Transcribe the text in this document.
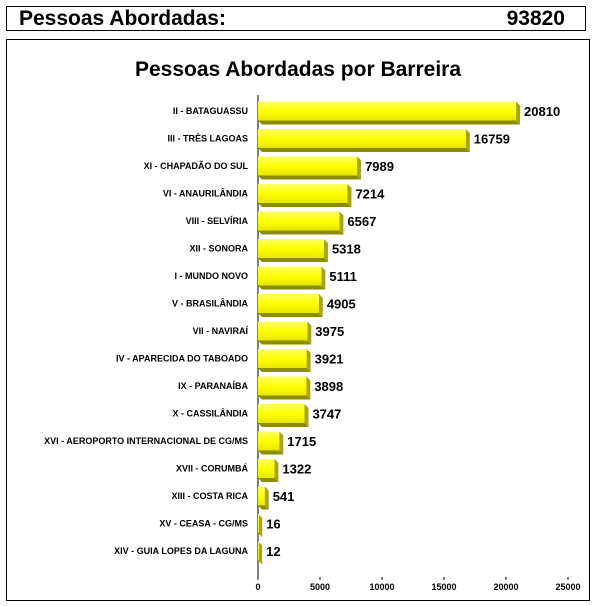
Pessoas Abordadas:	93820
Pessoas Abordadas por Barreira
II - BATAGUASSU	20810
III - TRÊS LAGOAS	16759
XI - CHAPADÃO DO SUL	7989
VI - ANAURILÂNDIA	7214
VIII - SELVÍRIA	6567
XII - SONORA	5318
I - MUNDO NOVO	5111
V - BRASILÂNDIA	4905
VII - NAVIRAÍ	3975
IV - APARECIDA DO TABOADO	3921
IX - PARANAÍBA	3898
X - CASSILÂNDIA	3747
XVI - AEROPORTO INTERNACIONAL DE CG/MS	1715
XVII - CORUMBÁ	1322
XIII - COSTA RICA 541
XV - CEASA - CG/MS 16
XIV - GUIA LOPES DA LAGUNA 12
0	5000	10000	15000	20000	25000
